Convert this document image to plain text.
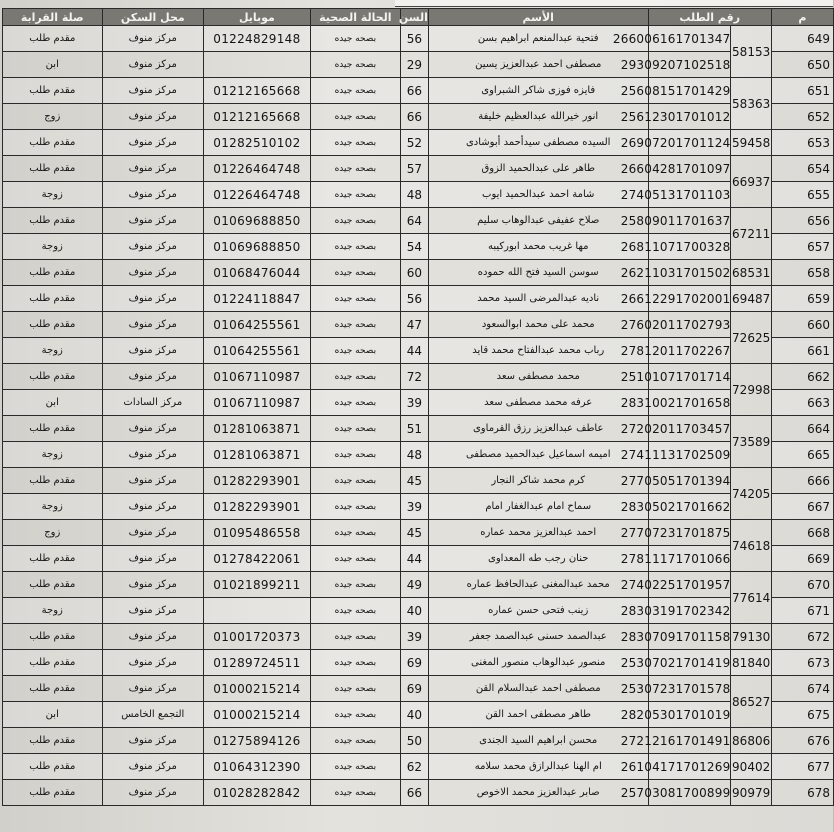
م	رقم الطلب		الأسم	السن	الحالة الصحية	موبايل	محل السكن	صلة القرابة
649	58153	266006161701347	فتحية عبدالمنعم ابراهيم بسن	56	بصحه جيده	01224829148	مركز منوف	مقدم طلب
650		29309207102518	مصطفى احمد عبدالعزيز يسين	29	بصحه جيده		مركز منوف	ابن
651	58363	25608151701429	فايزه فوزى شاكر الشبراوى	66	بصحه جيده	01212165668	مركز منوف	مقدم طلب
652		25612301701012	انور خيرالله عبدالعظيم خليفة	66	بصحه جيده	01212165668	مركز منوف	زوج
653	59458	26907201701124	السيده مصطفى سيدأحمد أبوشادى	52	بصحه جيده	01282510102	مركز منوف	مقدم طلب
654	66937	26604281701097	طاهر على عبدالحميد الزوق	57	بصحه جيده	01226464748	مركز منوف	مقدم طلب
655		27405131701103	شامة احمد عبدالحميد ايوب	48	بصحه جيده	01226464748	مركز منوف	زوجة
656	67211	25809011701637	صلاح عفيفى عبدالوهاب سليم	64	بصحه جيده	01069688850	مركز منوف	مقدم طلب
657		26811071700328	مها غريب محمد ابوركيبه	54	بصحه جيده	01069688850	مركز منوف	زوجة
658	68531	26211031701502	سوسن السيد فتح الله حموده	60	بصحه جيده	01068476044	مركز منوف	مقدم طلب
659	69487	26612291702001	ناديه عبدالمرضى السيد محمد	56	بصحه جيده	01224118847	مركز منوف	مقدم طلب
660	72625	27602011702793	محمد على محمد ابوالسعود	47	بصحه جيده	01064255561	مركز منوف	مقدم طلب
661		27812011702267	رباب محمد عبدالفتاح محمد قايد	44	بصحه جيده	01064255561	مركز منوف	زوجة
662	72998	25101071701714	محمد مصطفى سعد	72	بصحه جيده	01067110987	مركز منوف	مقدم طلب
663		28310021701658	عرفه محمد مصطفى سعد	39	بصحه جيده	01067110987	مركز السادات	ابن
664	73589	27202011703457	عاطف عبدالعزيز رزق القرماوى	51	بصحه جيده	01281063871	مركز منوف	مقدم طلب
665		27411131702509	اميمه اسماعيل عبدالحميد مصطفى	48	بصحه جيده	01281063871	مركز منوف	زوجة
666	74205	27705051701394	كرم محمد شاكر النجار	45	بصحه جيده	01282293901	مركز منوف	مقدم طلب
667		28305021701662	سماح امام عبدالغفار امام	39	بصحه جيده	01282293901	مركز منوف	زوجة
668	74618	27707231701875	احمد عبدالعزيز محمد عماره	45	بصحه جيده	01095486558	مركز منوف	زوج
669		27811171701066	حنان رجب طه المعداوى	44	بصحه جيده	01278422061	مركز منوف	مقدم طلب
670	77614	27402251701957	محمد عبدالمغنى عبدالحافظ عماره	49	بصحه جيده	01021899211	مركز منوف	مقدم طلب
671		28303191702342	زينب فتحى حسن عماره	40	بصحه جيده		مركز منوف	زوجة
672	79130	28307091701158	عبدالصمد حسنى عبدالصمد جعفر	39	بصحه جيده	01001720373	مركز منوف	مقدم طلب
673	81840	25307021701419	منصور عبدالوهاب منصور المغنى	69	بصحه جيده	01289724511	مركز منوف	مقدم طلب
674	86527	25307231701578	مصطفى احمد عبدالسلام القن	69	بصحه جيده	01000215214	مركز منوف	مقدم طلب
675		28205301701019	طاهر مصطفى احمد القن	40	بصحه جيده	01000215214	التجمع الخامس	ابن
676	86806	27212161701491	محسن ابراهيم السيد الجندى	50	بصحه جيده	01275894126	مركز منوف	مقدم طلب
677	90402	26104171701269	ام الهنا عبدالرازق محمد سلامه	62	بصحه جيده	01064312390	مركز منوف	مقدم طلب
678	90979	25703081700899	صابر عبدالعزيز محمد الاخوص	66	بصحه جيده	01028282842	مركز منوف	مقدم طلب
